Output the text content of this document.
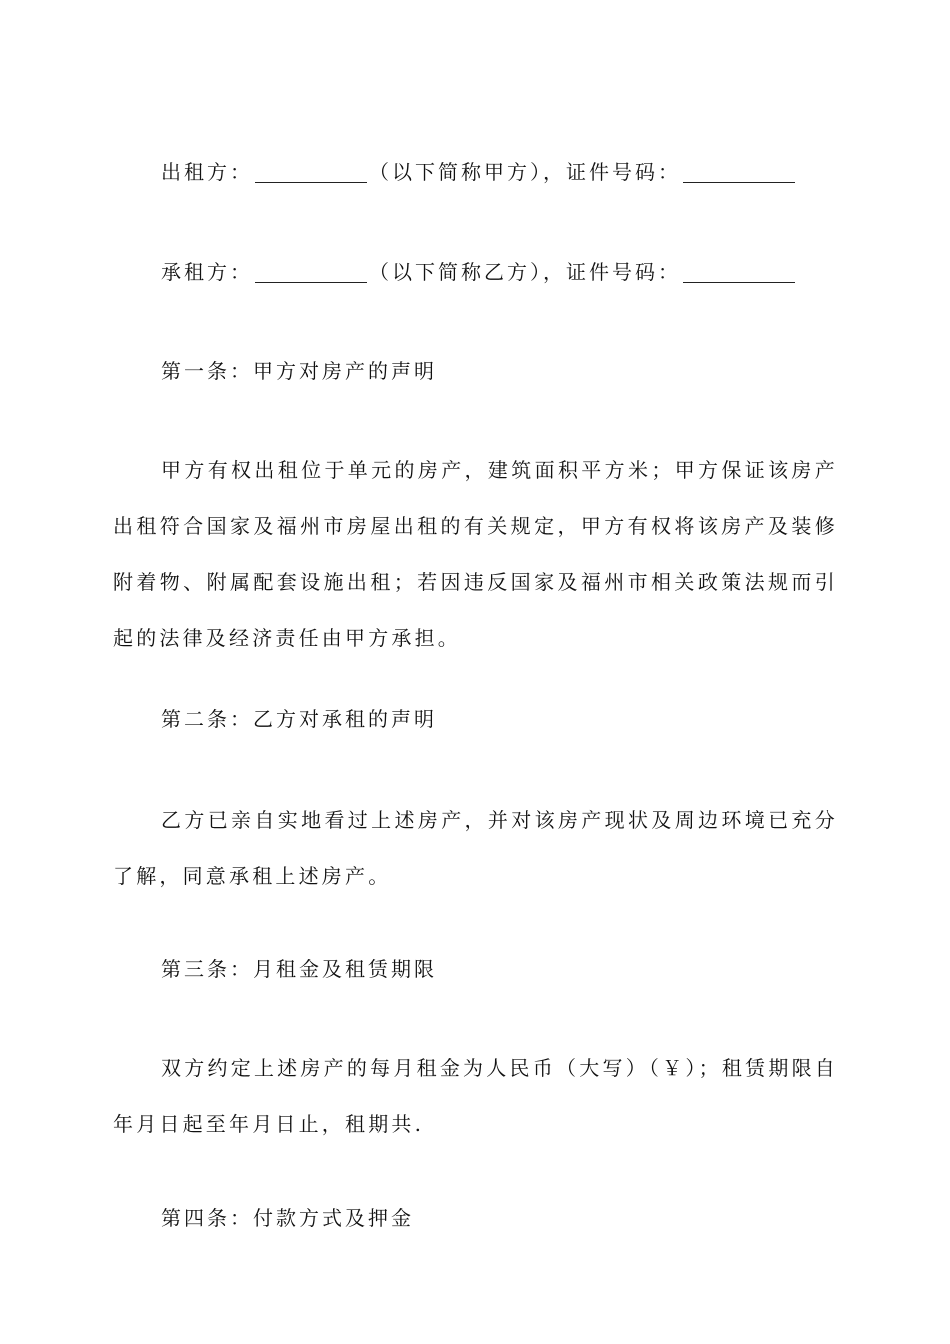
出租方：	（以下简称甲方），证件号码：
承租方：	（以下简称乙方），证件号码：
第一条：甲方对房产的声明
甲方有权出租位于单元的房产，建筑面积平方米；甲方保证该房产出租符合国家及福州市房屋出租的有关规定，甲方有权将该房产及装修附着物、附属配套设施出租；若因违反国家及福州市相关政策法规而引起的法律及经济责任由甲方承担。
第二条：乙方对承租的声明
乙方已亲自实地看过上述房产，并对该房产现状及周边环境已充分了解，同意承租上述房产。
第三条：月租金及租赁期限
双方约定上述房产的每月租金为人民币（大写）（￥）；租赁期限自年月日起至年月日止，租期共.
第四条：付款方式及押金
